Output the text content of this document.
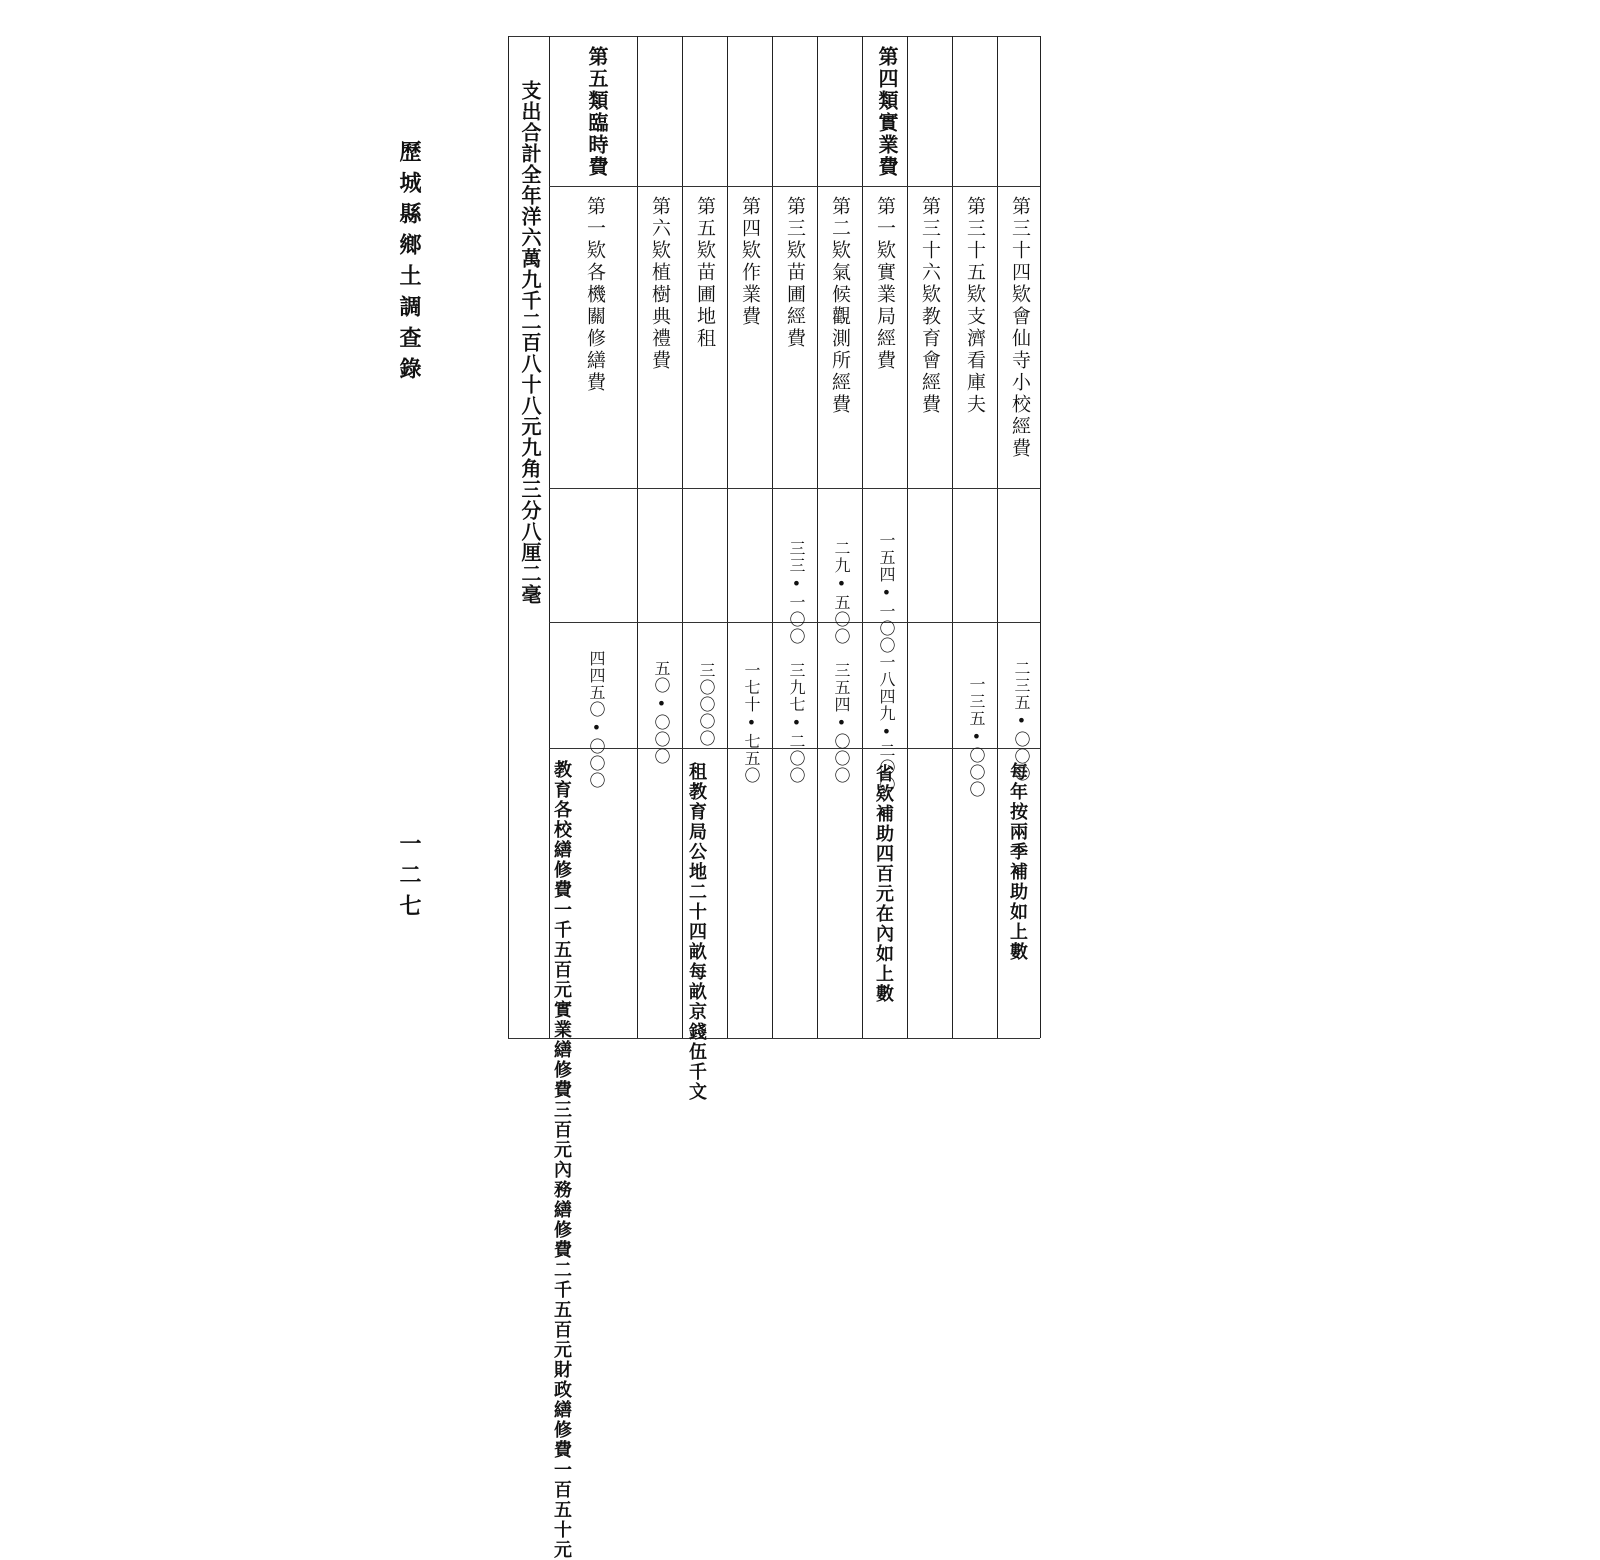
歷城縣鄉土調查錄
一二七
支出合計全年洋六萬九千二百八十八元九角三分八厘二毫	第三十四欵會仙寺小校經費
二三五•〇〇〇
每年按兩季補助如上數
第三十五欵支濟看庫夫
一三五•〇〇〇
第三十六欵教育會經費
第四類實業費
第一欵實業局經費
一五四•一〇〇
一八四九•二〇〇
省欵補助四百元在內如上數
第二欵氣候觀測所經費
二九•五〇〇
三五四•〇〇〇
第三欵苗圃經費
三三•一〇〇
三九七•二〇〇
第四欵作業費
一七十•七五〇
第五欵苗圃地租
三〇〇〇〇
租教育局公地二十四畝每畝京錢伍千文
第六欵植樹典禮費
五〇•〇〇〇
第五類臨時費
第一欵各機關修繕費
四四五〇•〇〇〇
教育各校繕修費一千五百元實業繕修費三百元內務繕修費二千五百元財政繕修費一百五十元
